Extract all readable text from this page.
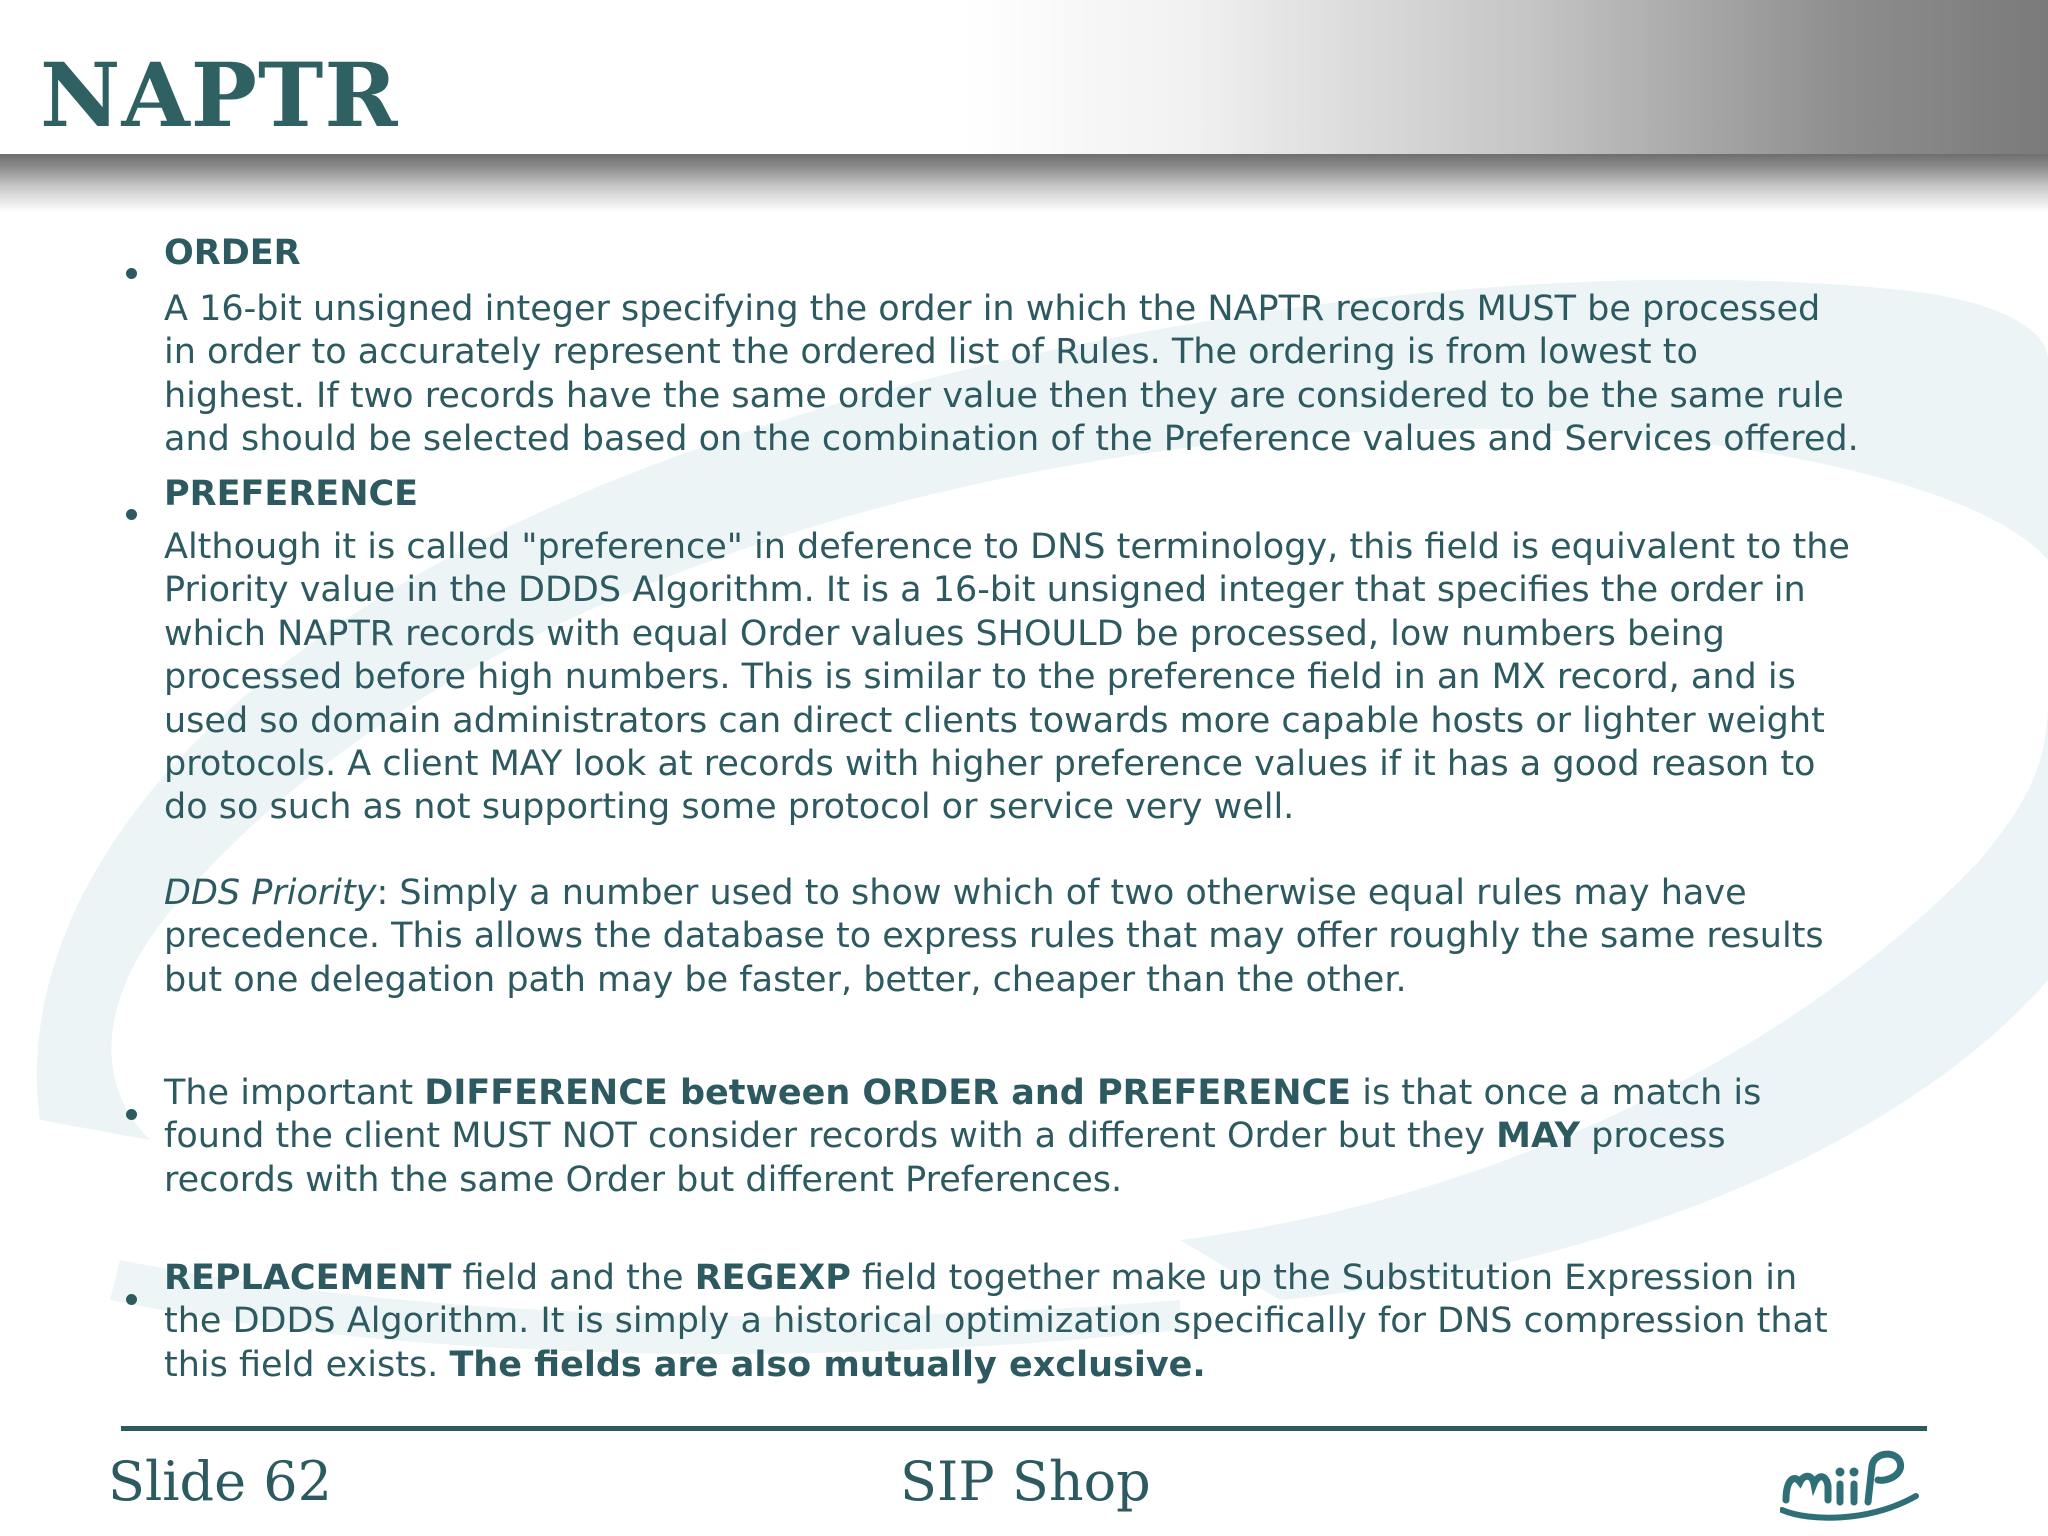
NAPTR
ORDER
A 16-bit unsigned integer specifying the order in which the NAPTR records MUST be processed
in order to accurately represent the ordered list of Rules. The ordering is from lowest to
highest. If two records have the same order value then they are considered to be the same rule
and should be selected based on the combination of the Preference values and Services offered.
PREFERENCE
Although it is called "preference" in deference to DNS terminology, this field is equivalent to the
Priority value in the DDDS Algorithm. It is a 16-bit unsigned integer that specifies the order in
which NAPTR records with equal Order values SHOULD be processed, low numbers being
processed before high numbers. This is similar to the preference field in an MX record, and is
used so domain administrators can direct clients towards more capable hosts or lighter weight
protocols. A client MAY look at records with higher preference values if it has a good reason to
do so such as not supporting some protocol or service very well.
DDS Priority: Simply a number used to show which of two otherwise equal rules may have
precedence. This allows the database to express rules that may offer roughly the same results
but one delegation path may be faster, better, cheaper than the other.
The important DIFFERENCE between ORDER and PREFERENCE is that once a match is
found the client MUST NOT consider records with a different Order but they MAY process
records with the same Order but different Preferences.
REPLACEMENT field and the REGEXP field together make up the Substitution Expression in
the DDDS Algorithm. It is simply a historical optimization specifically for DNS compression that
this field exists. The fields are also mutually exclusive.
Slide 62	SIP Shop
